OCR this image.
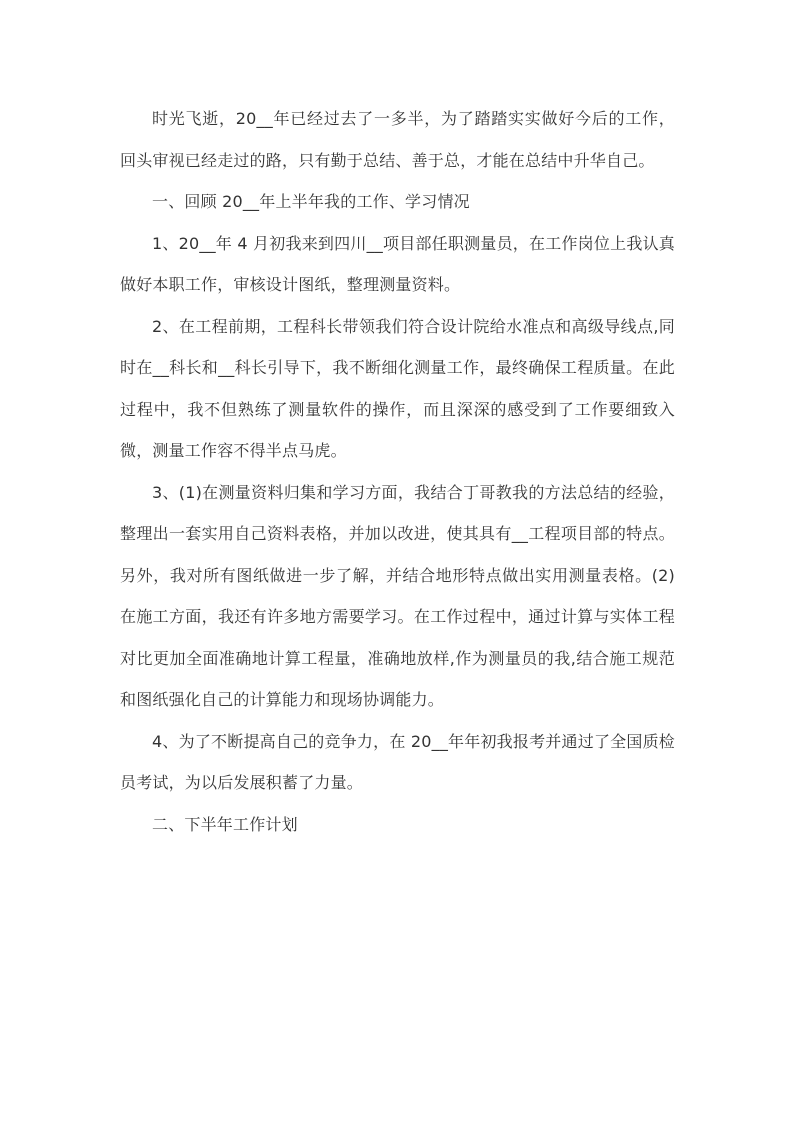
时光飞逝，20__年已经过去了一多半，为了踏踏实实做好今后的工作，回头审视已经走过的路，只有勤于总结、善于总，才能在总结中升华自己。

一、回顾 20__年上半年我的工作、学习情况

1、20__年 4 月初我来到四川__项目部任职测量员，在工作岗位上我认真做好本职工作，审核设计图纸，整理测量资料。

2、在工程前期，工程科长带领我们符合设计院给水准点和高级导线点,同时在__科长和__科长引导下，我不断细化测量工作，最终确保工程质量。在此过程中，我不但熟练了测量软件的操作，而且深深的感受到了工作要细致入微，测量工作容不得半点马虎。

3、(1)在测量资料归集和学习方面，我结合丁哥教我的方法总结的经验，整理出一套实用自己资料表格，并加以改进，使其具有__工程项目部的特点。另外，我对所有图纸做进一步了解，并结合地形特点做出实用测量表格。(2)在施工方面，我还有许多地方需要学习。在工作过程中，通过计算与实体工程对比更加全面准确地计算工程量，准确地放样,作为测量员的我,结合施工规范和图纸强化自己的计算能力和现场协调能力。

4、为了不断提高自己的竞争力，在 20__年年初我报考并通过了全国质检员考试，为以后发展积蓄了力量。

二、下半年工作计划
